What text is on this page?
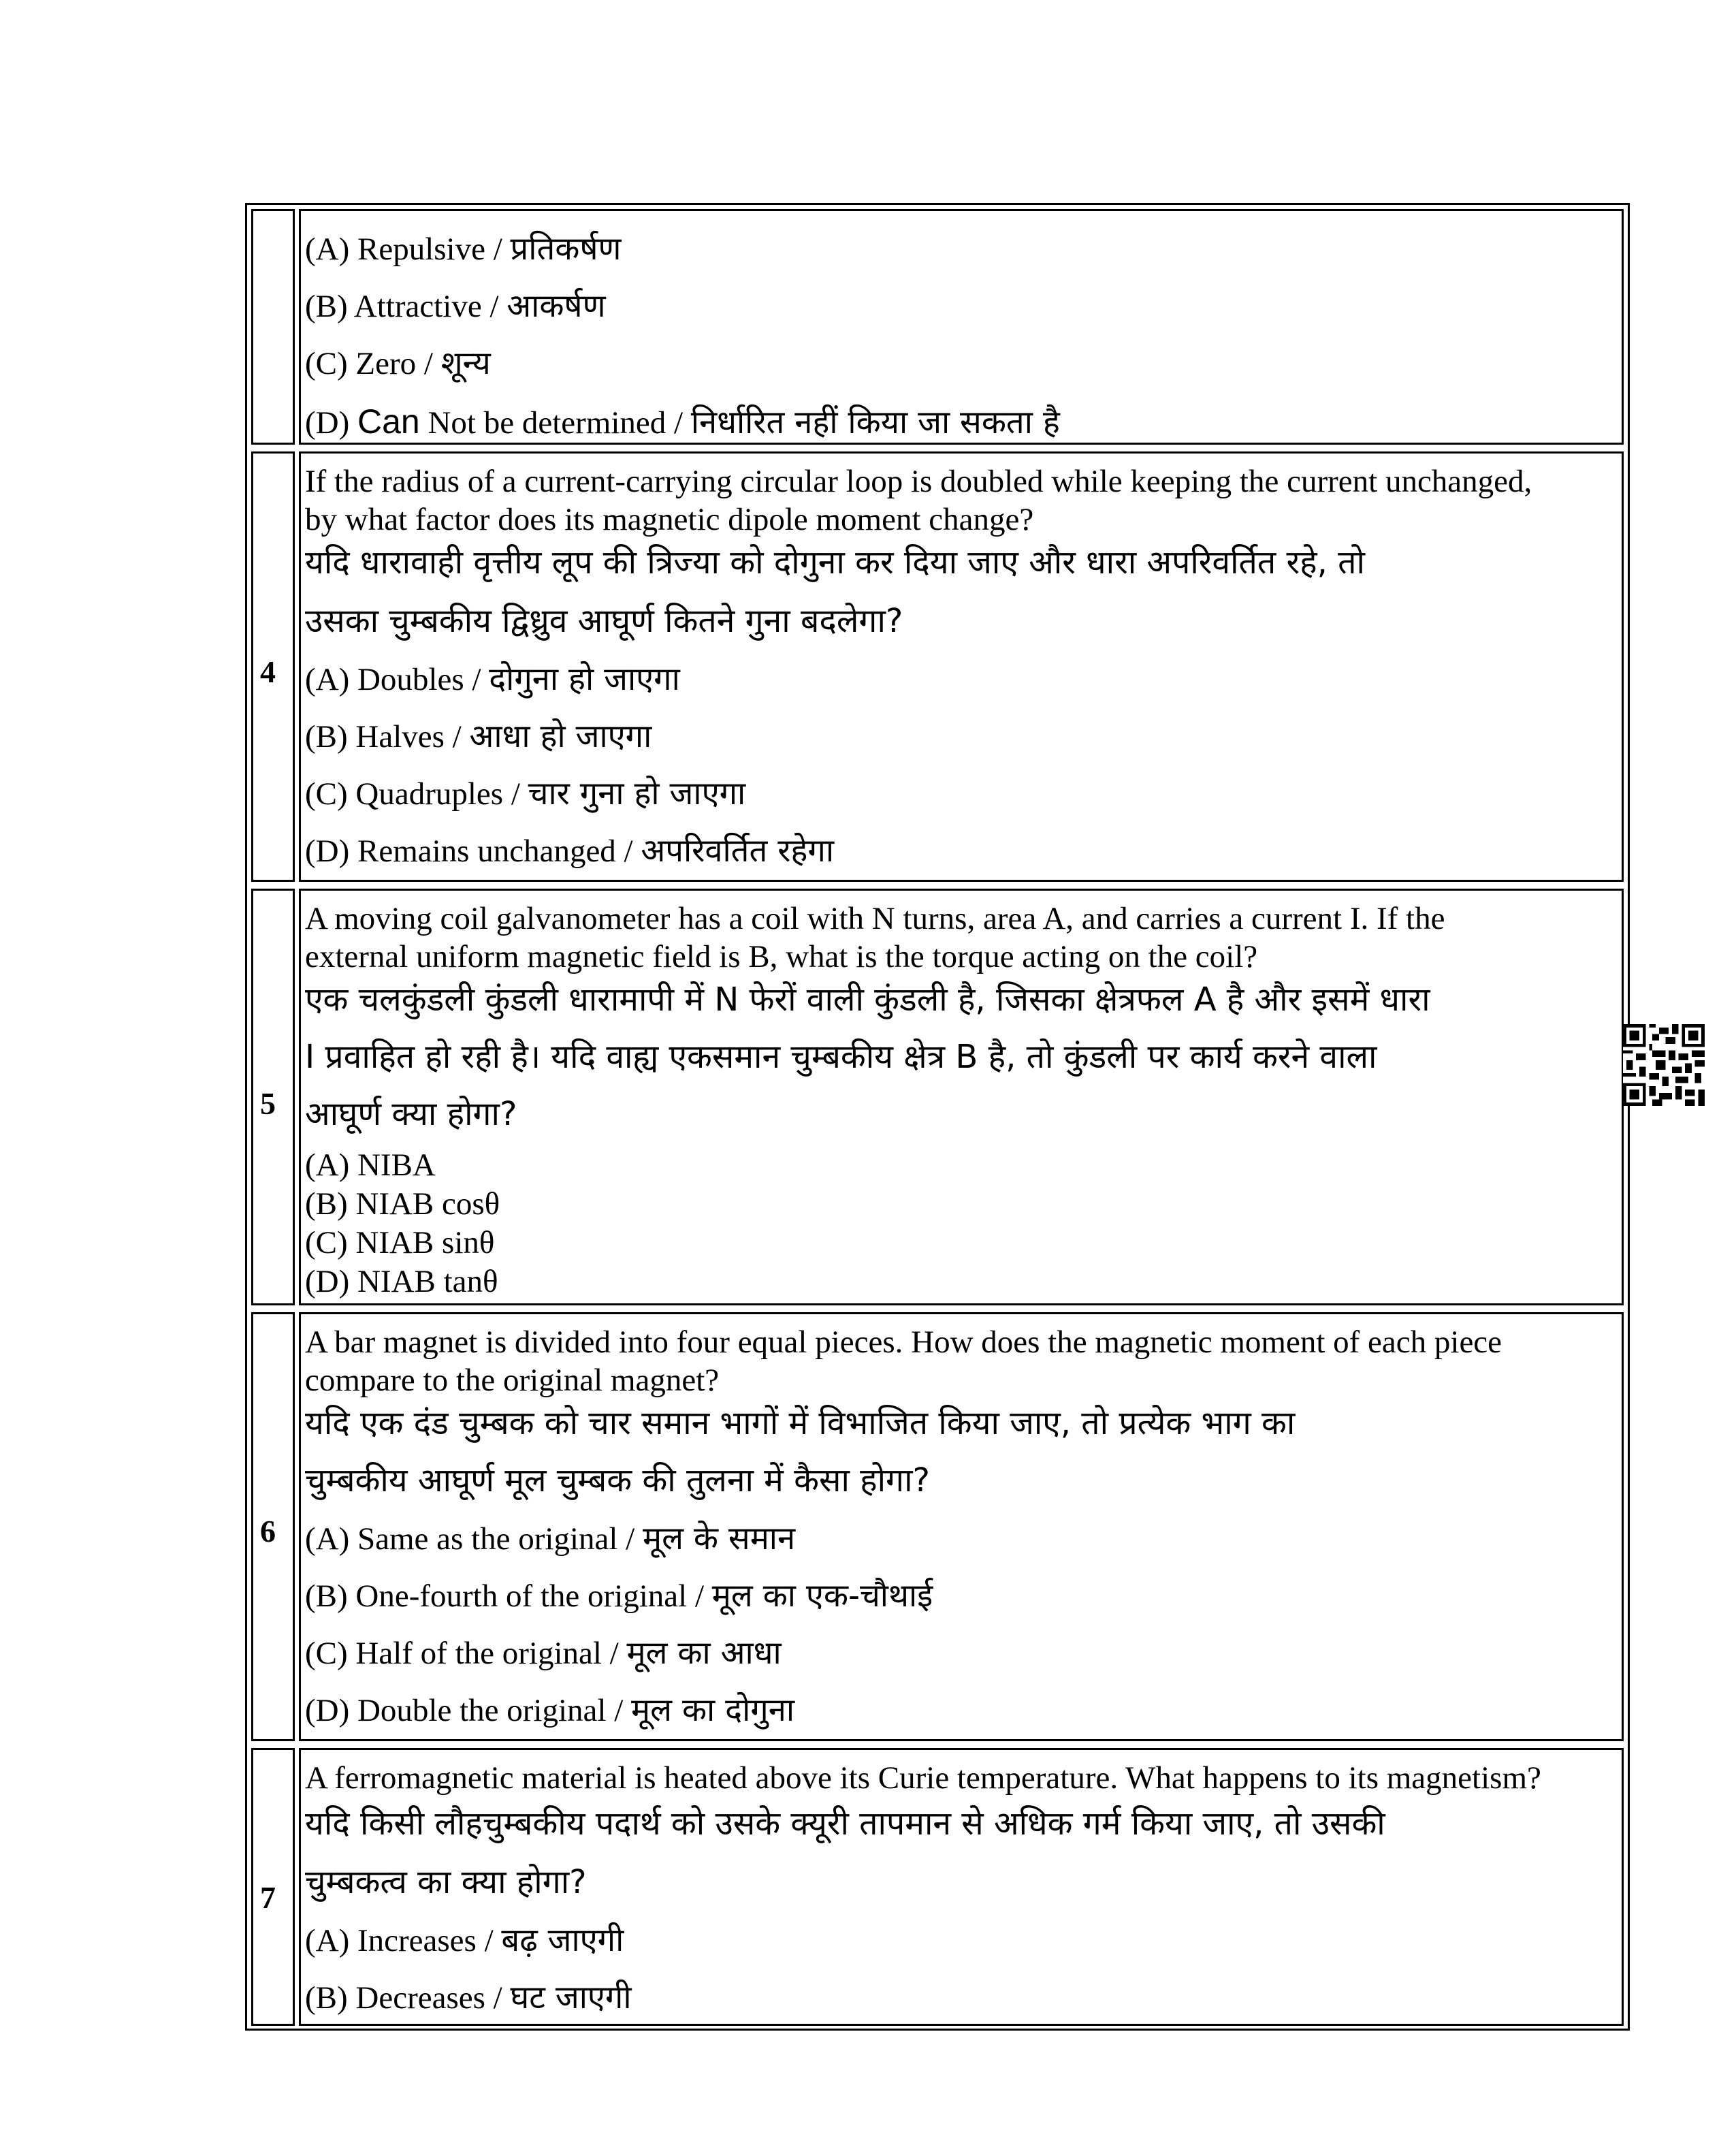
(A) Repulsive / प्रतिकर्षण
(B) Attractive / आकर्षण
(C) Zero / शून्य
(D) Can Not be determined / निर्धारित नहीं किया जा सकता है
4
If the radius of a current-carrying circular loop is doubled while keeping the current unchanged,
by what factor does its magnetic dipole moment change?
यदि धारावाही वृत्तीय लूप की त्रिज्या को दोगुना कर दिया जाए और धारा अपरिवर्तित रहे, तो
उसका चुम्बकीय द्विध्रुव आघूर्ण कितने गुना बदलेगा?
(A) Doubles / दोगुना हो जाएगा
(B) Halves / आधा हो जाएगा
(C) Quadruples / चार गुना हो जाएगा
(D) Remains unchanged / अपरिवर्तित रहेगा
5
A moving coil galvanometer has a coil with N turns, area A, and carries a current I. If the
external uniform magnetic field is B, what is the torque acting on the coil?
एक चलकुंडली कुंडली धारामापी में N फेरों वाली कुंडली है, जिसका क्षेत्रफल A है और इसमें धारा
I प्रवाहित हो रही है। यदि वाह्य एकसमान चुम्बकीय क्षेत्र B है, तो कुंडली पर कार्य करने वाला
आघूर्ण क्या होगा?
(A) NIBA
(B) NIAB cosθ
(C) NIAB sinθ
(D) NIAB tanθ
6
A bar magnet is divided into four equal pieces. How does the magnetic moment of each piece
compare to the original magnet?
यदि एक दंड चुम्बक को चार समान भागों में विभाजित किया जाए, तो प्रत्येक भाग का
चुम्बकीय आघूर्ण मूल चुम्बक की तुलना में कैसा होगा?
(A) Same as the original / मूल के समान
(B) One-fourth of the original / मूल का एक-चौथाई
(C) Half of the original / मूल का आधा
(D) Double the original / मूल का दोगुना
7
A ferromagnetic material is heated above its Curie temperature. What happens to its magnetism?
यदि किसी लौहचुम्बकीय पदार्थ को उसके क्यूरी तापमान से अधिक गर्म किया जाए, तो उसकी
चुम्बकत्व का क्या होगा?
(A) Increases / बढ़ जाएगी
(B) Decreases / घट जाएगी
